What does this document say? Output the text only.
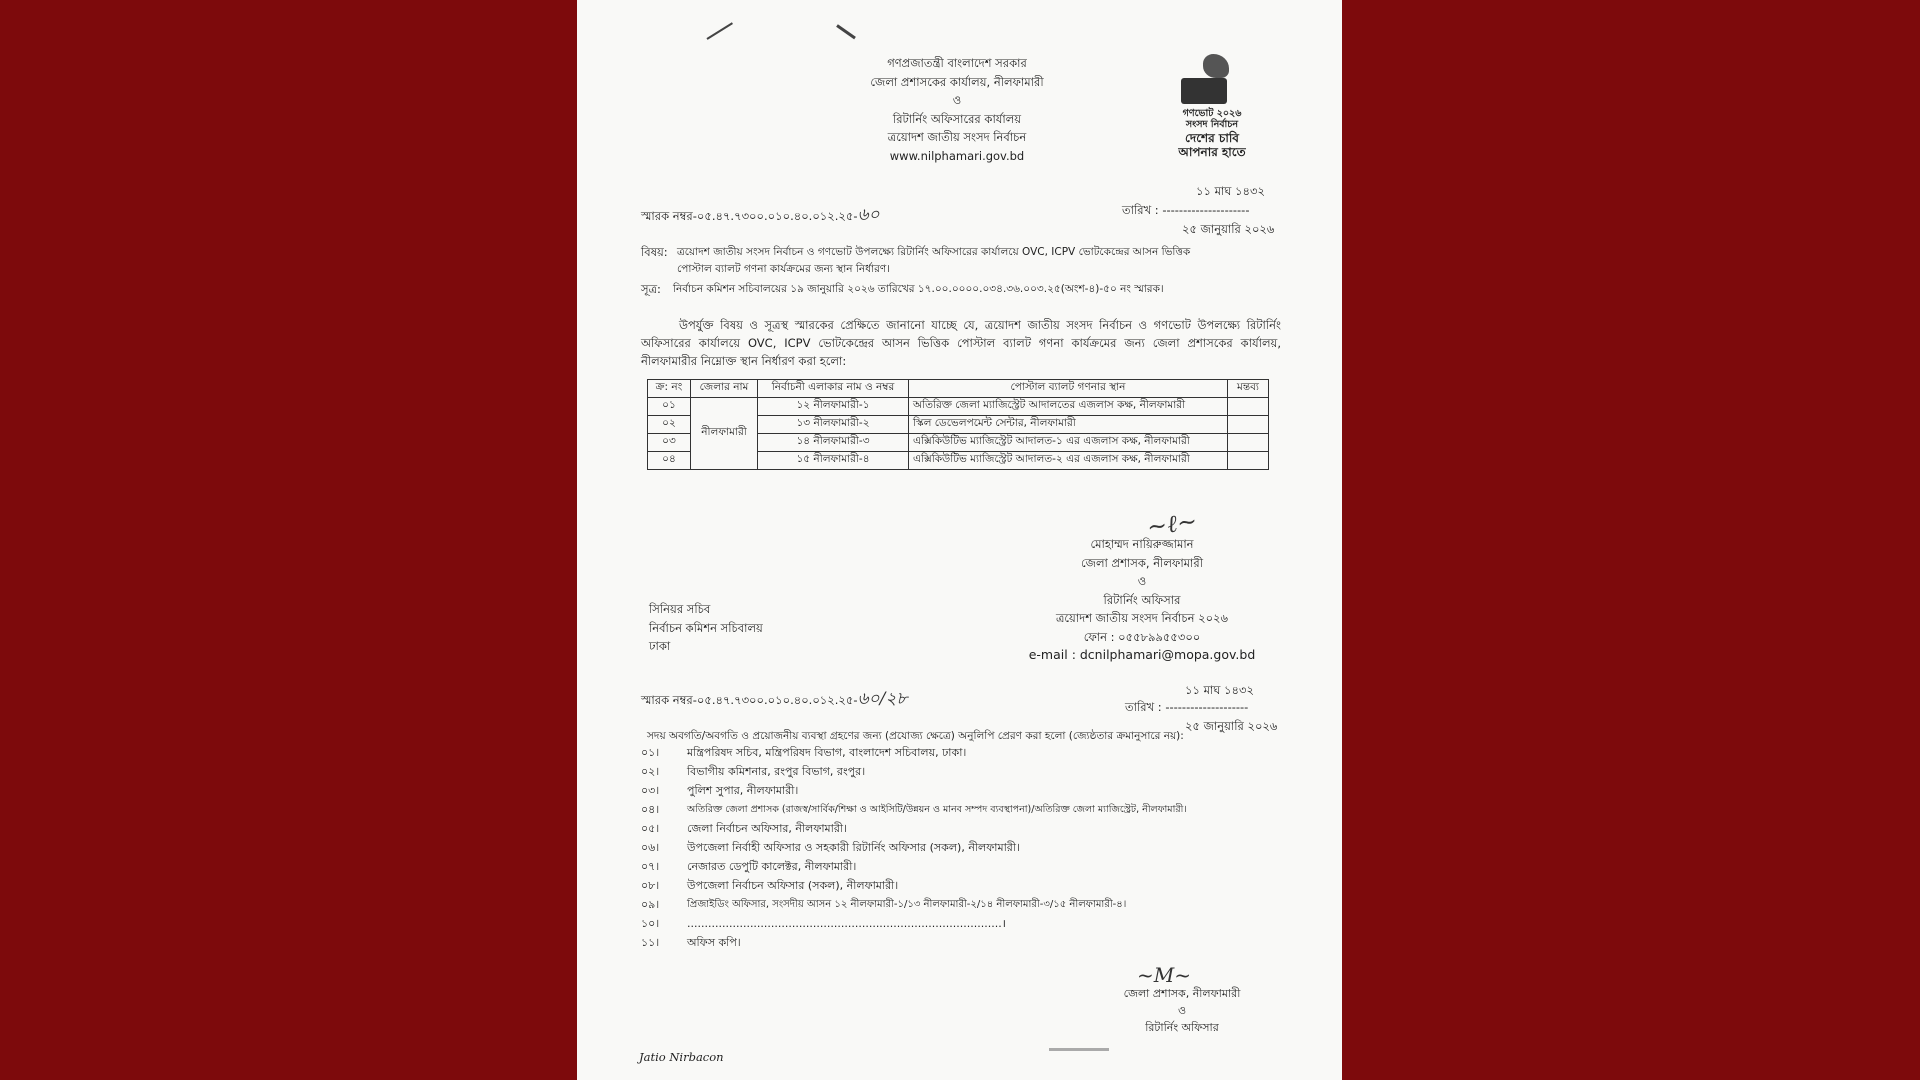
গণপ্রজাতন্ত্রী বাংলাদেশ সরকার
জেলা প্রশাসকের কার্যালয়, নীলফামারী
ও
রিটার্নিং অফিসারের কার্যালয়
ত্রয়োদশ জাতীয় সংসদ নির্বাচন
www.nilphamari.gov.bd
গণভোট ২০২৬
সংসদ নির্বাচন
দেশের চাবি
আপনার হাতে
১১ মাঘ ১৪৩২
স্মারক নম্বর-০৫.৪৭.৭৩০০.০১০.৪০.০১২.২৫-৬০	তারিখ : ---------------------
২৫ জানুয়ারি ২০২৬
বিষয়: ত্রয়োদশ জাতীয় সংসদ নির্বাচন ও গণভোট উপলক্ষ্যে রিটার্নিং অফিসারের কার্যালয়ে OVC, ICPV ভোটকেন্দ্রের আসন ভিত্তিক
পোস্টাল ব্যালট গণনা কার্যক্রমের জন্য স্থান নির্ধারণ।
সূত্র: নির্বাচন কমিশন সচিবালয়ের ১৯ জানুয়ারি ২০২৬ তারিখের ১৭.০০.০০০০.০৩৪.৩৬.০০৩.২৫(অংশ-৪)-৫০ নং স্মারক।
উপর্যুক্ত বিষয় ও সূত্রস্থ স্মারকের প্রেক্ষিতে জানানো যাচ্ছে যে, ত্রয়োদশ জাতীয় সংসদ নির্বাচন ও গণভোট উপলক্ষ্যে রিটার্নিং অফিসারের কার্যালয়ে OVC, ICPV ভোটকেন্দ্রের আসন ভিত্তিক পোস্টাল ব্যালট গণনা কার্যক্রমের জন্য জেলা প্রশাসকের কার্যালয়, নীলফামারীর নিম্নোক্ত স্থান নির্ধারণ করা হলো:
ক্র: নং	জেলার নাম	নির্বাচনী এলাকার নাম ও নম্বর	পোস্টাল ব্যালট গণনার স্থান	মন্তব্য
০১	নীলফামারী	১২ নীলফামারী-১	অতিরিক্ত জেলা ম্যাজিস্ট্রেট আদালতের এজলাস কক্ষ, নীলফামারী	
০২		১৩ নীলফামারী-২	স্কিল ডেভেলপমেন্ট সেন্টার, নীলফামারী	
০৩		১৪ নীলফামারী-৩	এক্সিকিউটিভ ম্যাজিস্ট্রেট আদালত-১ এর এজলাস কক্ষ, নীলফামারী	
০৪		১৫ নীলফামারী-৪	এক্সিকিউটিভ ম্যাজিস্ট্রেট আদালত-২ এর এজলাস কক্ষ, নীলফামারী	
~ℓ~
মোহাম্মদ নায়িরুজ্জামান
জেলা প্রশাসক, নীলফামারী
ও
রিটার্নিং অফিসার
ত্রয়োদশ জাতীয় সংসদ নির্বাচন ২০২৬
ফোন : ০৫৫৮৯৯৫৫৩০০
e-mail : dcnilphamari@mopa.gov.bd
সিনিয়র সচিব
নির্বাচন কমিশন সচিবালয়
ঢাকা
১১ মাঘ ১৪৩২
স্মারক নম্বর-০৫.৪৭.৭৩০০.০১০.৪০.০১২.২৫-৬০/২৮	তারিখ : --------------------
২৫ জানুয়ারি ২০২৬
সদয় অবগতি/অবগতি ও প্রয়োজনীয় ব্যবস্থা গ্রহণের জন্য (প্রযোজ্য ক্ষেত্রে) অনুলিপি প্রেরণ করা হলো (জ্যেষ্ঠতার ক্রমানুসারে নয়):
০১।	মন্ত্রিপরিষদ সচিব, মন্ত্রিপরিষদ বিভাগ, বাংলাদেশ সচিবালয়, ঢাকা।
০২।	বিভাগীয় কমিশনার, রংপুর বিভাগ, রংপুর।
০৩।	পুলিশ সুপার, নীলফামারী।
০৪।	অতিরিক্ত জেলা প্রশাসক (রাজস্ব/সার্বিক/শিক্ষা ও আইসিটি/উন্নয়ন ও মানব সম্পদ ব্যবস্থাপনা)/অতিরিক্ত জেলা ম্যাজিস্ট্রেট, নীলফামারী।
০৫।	জেলা নির্বাচন অফিসার, নীলফামারী।
০৬।	উপজেলা নির্বাহী অফিসার ও সহকারী রিটার্নিং অফিসার (সকল), নীলফামারী।
০৭।	নেজারত ডেপুটি কালেক্টর, নীলফামারী।
০৮।	উপজেলা নির্বাচন অফিসার (সকল), নীলফামারী।
০৯।	প্রিজাইডিং অফিসার, সংসদীয় আসন ১২ নীলফামারী-১/১৩ নীলফামারী-২/১৪ নীলফামারী-৩/১৫ নীলফামারী-৪।
১০।	..........................................................................................।
১১।	অফিস কপি।
~M~
জেলা প্রশাসক, নীলফামারী
ও
রিটার্নিং অফিসার
Jatio Nirbacon
